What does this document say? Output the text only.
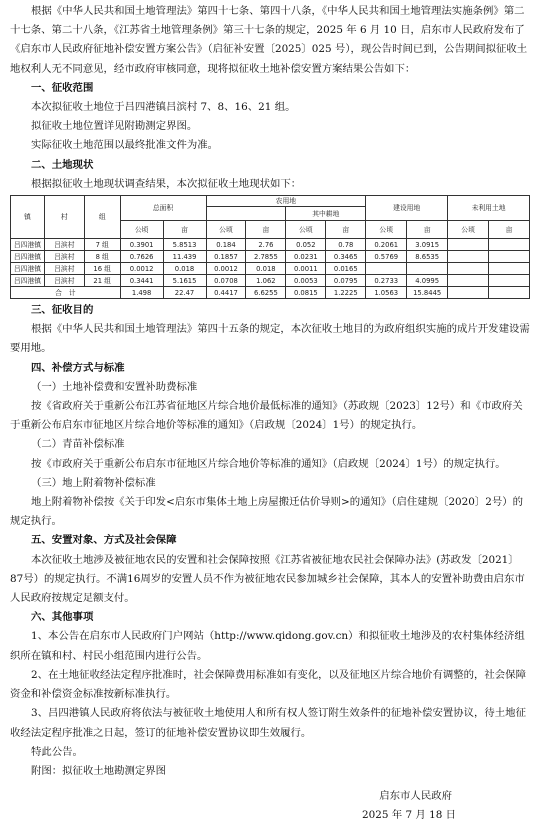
根据《中华人民共和国土地管理法》第四十七条、第四十八条，《中华人民共和国土地管理法实施条例》第二十七条、第二十八条，《江苏省土地管理条例》第三十七条的规定，2025 年 6 月 10 日，启东市人民政府发布了《启东市人民政府征地补偿安置方案公告》（启征补安置〔2025〕025 号），现公告时间已到，公告期间拟征收土地权利人无不同意见，经市政府审核同意，现将拟征收土地补偿安置方案结果公告如下：

一、征收范围

本次拟征收土地位于吕四港镇吕滨村 7、8、16、21 组。

拟征收土地位置详见附勘测定界图。

实际征收土地范围以最终批准文件为准。

二、土地现状

根据拟征收土地现状调查结果，本次拟征收土地现状如下：

镇	村	组	总面积		农用地				建设用地		未利用土地	
							其中耕地					
			公顷	亩	公顷	亩	公顷	亩	公顷	亩	公顷	亩
吕四港镇	吕滨村	7 组	0.3901	5.8513	0.184	2.76	0.052	0.78	0.2061	3.0915		
吕四港镇	吕滨村	8 组	0.7626	11.439	0.1857	2.7855	0.0231	0.3465	0.5769	8.6535		
吕四港镇	吕滨村	16 组	0.0012	0.018	0.0012	0.018	0.0011	0.0165				
吕四港镇	吕滨村	21 组	0.3441	5.1615	0.0708	1.062	0.0053	0.0795	0.2733	4.0995		
合　计			1.498	22.47	0.4417	6.6255	0.0815	1.2225	1.0563	15.8445		

三、征收目的

根据《中华人民共和国土地管理法》第四十五条的规定，本次征收土地目的为政府组织实施的成片开发建设需要用地。

四、补偿方式与标准

（一）土地补偿费和安置补助费标准

按《省政府关于重新公布江苏省征地区片综合地价最低标准的通知》（苏政规〔2023〕12号）和《市政府关于重新公布启东市征地区片综合地价等标准的通知》（启政规〔2024〕1号）的规定执行。

（二）青苗补偿标准

按《市政府关于重新公布启东市征地区片综合地价等标准的通知》（启政规〔2024〕1号）的规定执行。

（三）地上附着物补偿标准

地上附着物补偿按《关于印发<启东市集体土地上房屋搬迁估价导则>的通知》（启住建规〔2020〕2号）的规定执行。

五、安置对象、方式及社会保障

本次征收土地涉及被征地农民的安置和社会保障按照《江苏省被征地农民社会保障办法》(苏政发〔2021〕87号）的规定执行。不满16周岁的安置人员不作为被征地农民参加城乡社会保障，其本人的安置补助费由启东市人民政府按规定足额支付。

六、其他事项

1、本公告在启东市人民政府门户网站（http://www.qidong.gov.cn）和拟征收土地涉及的农村集体经济组织所在镇和村、村民小组范围内进行公告。

2、在土地征收经法定程序批准时，社会保障费用标准如有变化，以及征地区片综合地价有调整的，社会保障资金和补偿资金标准按新标准执行。

3、吕四港镇人民政府将依法与被征收土地使用人和所有权人签订附生效条件的征地补偿安置协议，待土地征收经法定程序批准之日起，签订的征地补偿安置协议即生效履行。

特此公告。

附图：拟征收土地勘测定界图

启东市人民政府

2025 年 7 月 18 日
